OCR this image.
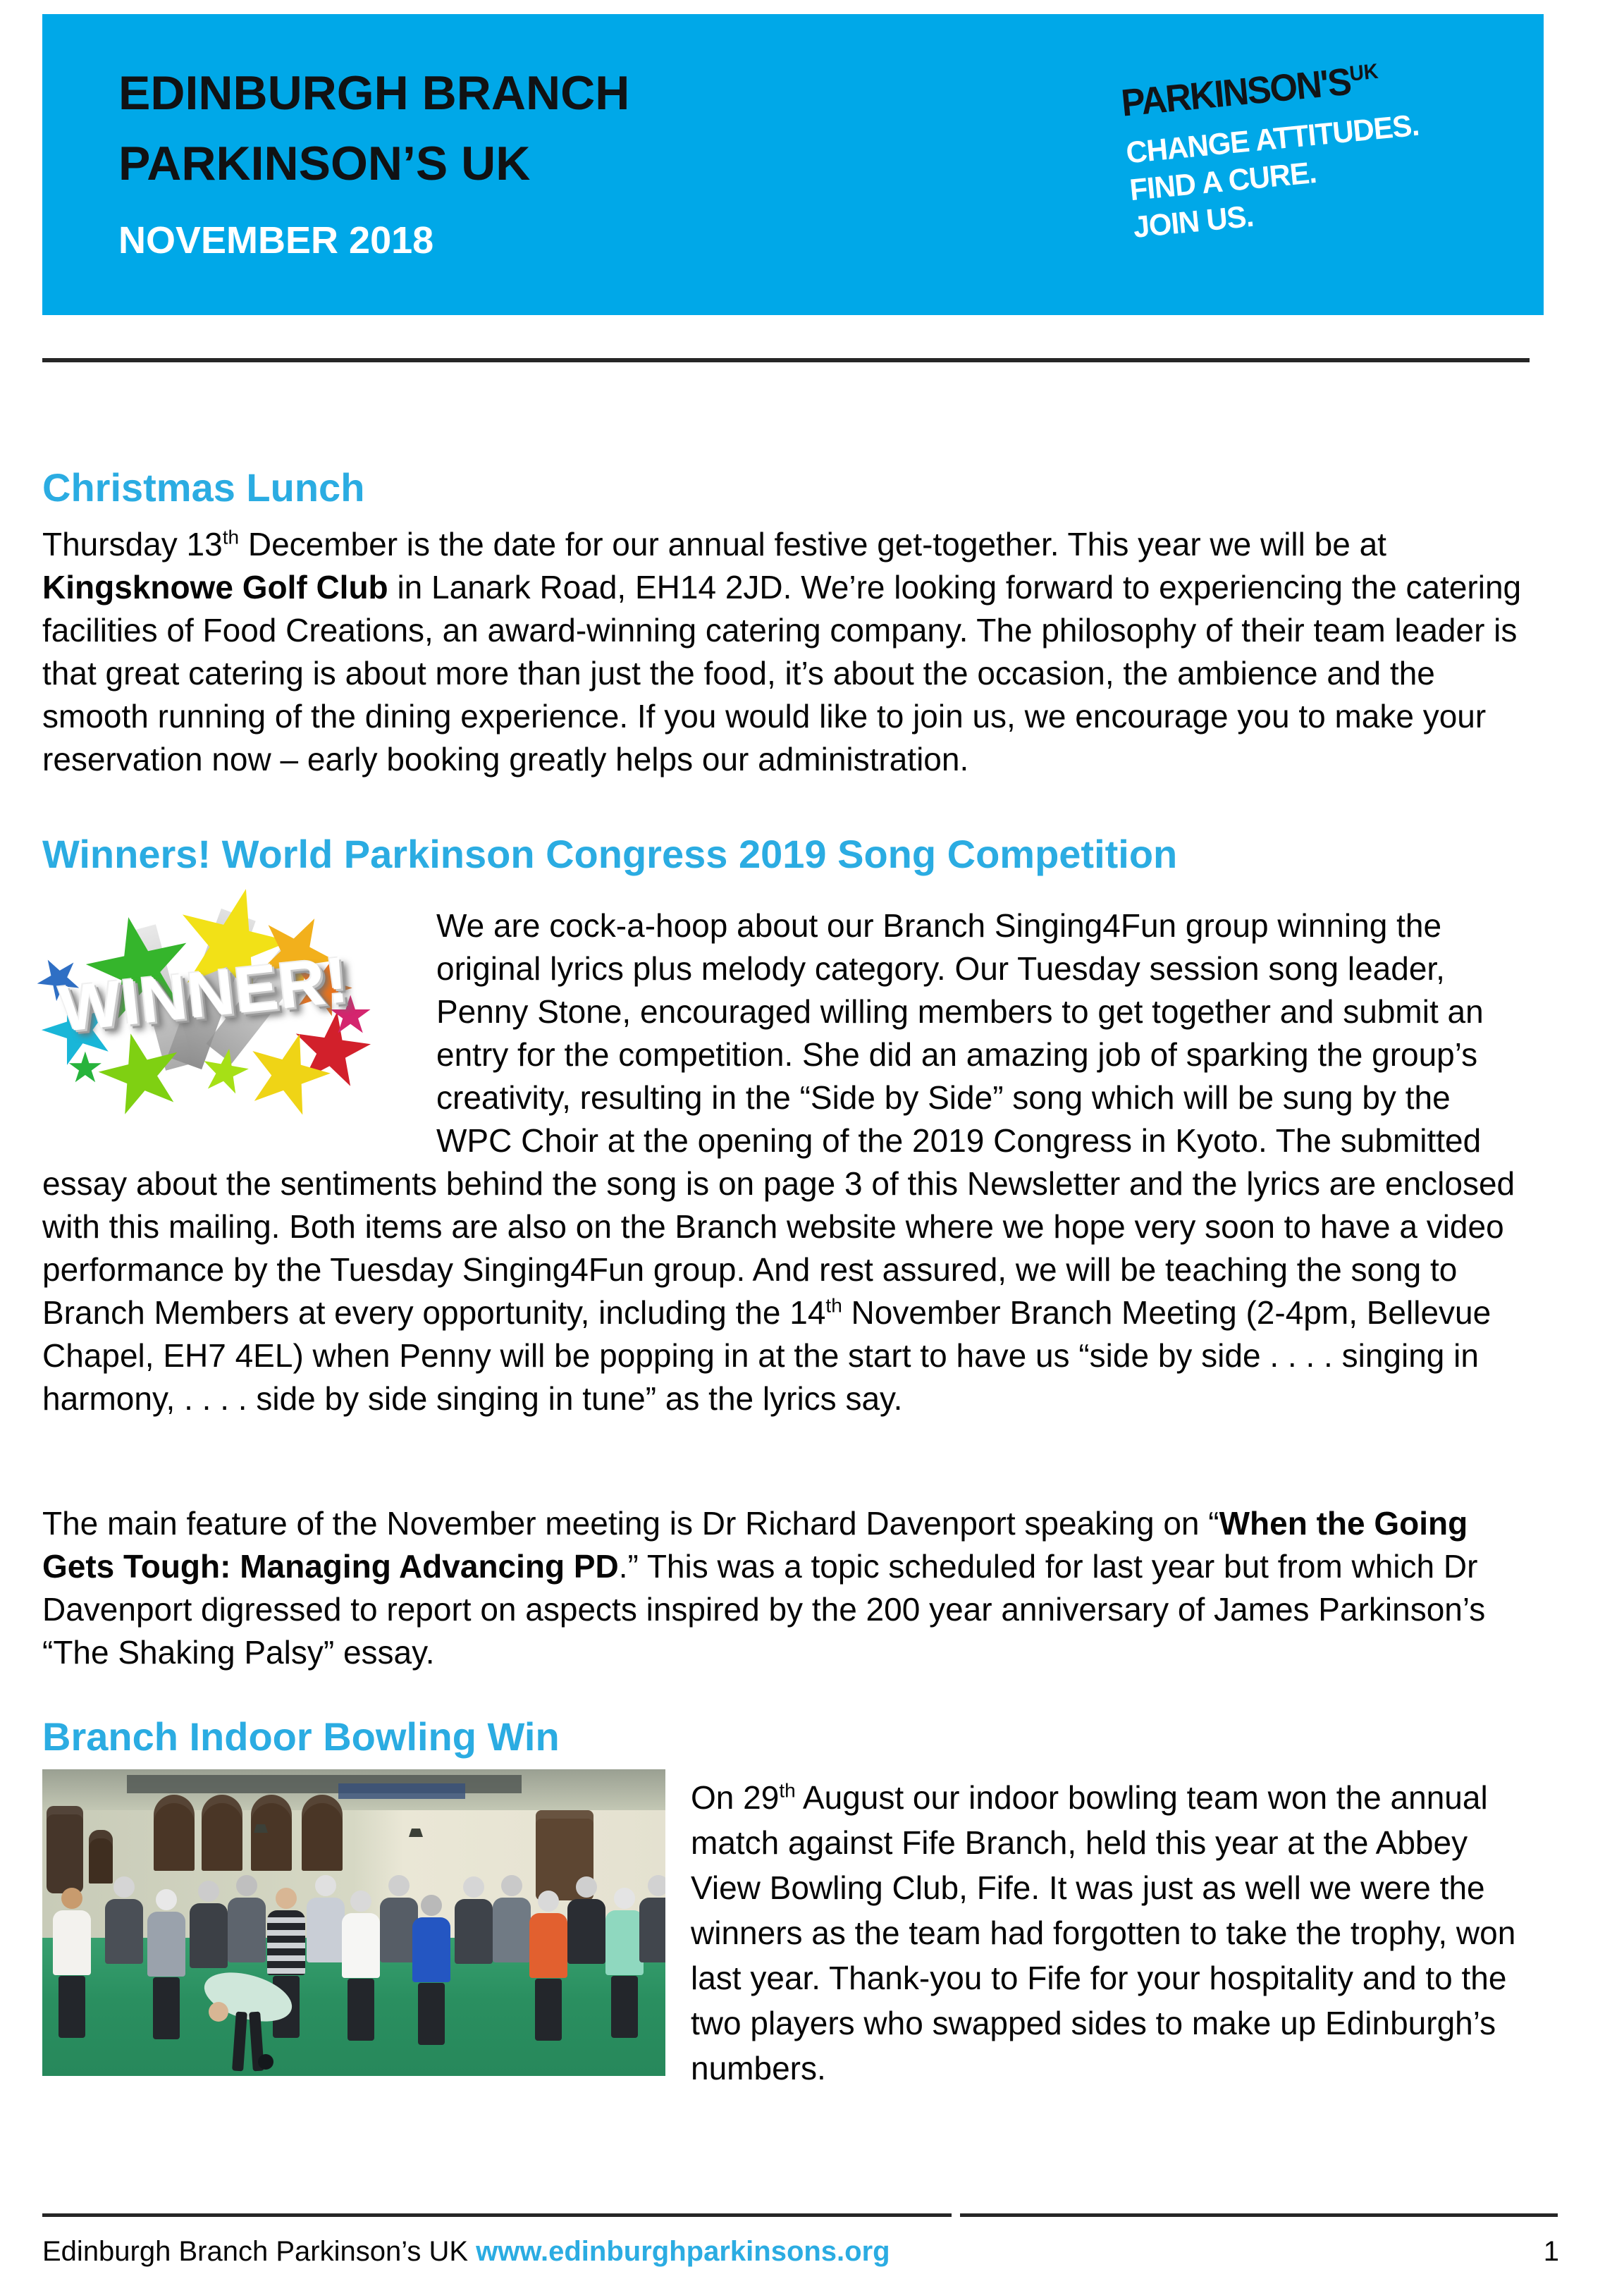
EDINBURGH BRANCH
PARKINSON’S UK
NOVEMBER 2018
$PARKINSON'S^{UK}$
CHANGE ATTITUDES.
FIND A CURE.
JOIN US.
Christmas Lunch

Thursday 13th December is the date for our annual festive get-together. This year we will be at Kingsknowe Golf Club in Lanark Road, EH14 2JD. We’re looking forward to experiencing the catering facilities of Food Creations, an award-winning catering company. The philosophy of their team leader is that great catering is about more than just the food, it’s about the occasion, the ambience and the smooth running of the dining experience. If you would like to join us, we encourage you to make your reservation now – early booking greatly helps our administration.

Winners! World Parkinson Congress 2019 Song Competition
★
★
★
★
★
★
★
★
★
★
★
★
WINNER!

We are cock-a-hoop about our Branch Singing4Fun group winning the original lyrics plus melody category. Our Tuesday session song leader, Penny Stone, encouraged willing members to get together and submit an entry for the competition. She did an amazing job of sparking the group’s creativity, resulting in the “Side by Side” song which will be sung by the WPC Choir at the opening of the 2019 Congress in Kyoto. The submitted essay about the sentiments behind the song is on page 3 of this Newsletter and the lyrics are enclosed with this mailing. Both items are also on the Branch website where we hope very soon to have a video performance by the Tuesday Singing4Fun group. And rest assured, we will be teaching the song to Branch Members at every opportunity, including the 14th November Branch Meeting (2-4pm, Bellevue Chapel, EH7 4EL) when Penny will be popping in at the start to have us “side by side . . . . singing in harmony, . . . . side by side singing in tune” as the lyrics say.

The main feature of the November meeting is Dr Richard Davenport speaking on “When the Going Gets Tough: Managing Advancing PD.” This was a topic scheduled for last year but from which Dr Davenport digressed to report on aspects inspired by the 200 year anniversary of James Parkinson’s “The Shaking Palsy” essay.

Branch Indoor Bowling Win

On 29th August our indoor bowling team won the annual match against Fife Branch, held this year at the Abbey View Bowling Club, Fife. It was just as well we were the winners as the team had forgotten to take the trophy, won last year. Thank-you to Fife for your hospitality and to the two players who swapped sides to make up Edinburgh’s numbers.

Edinburgh Branch Parkinson’s UK www.edinburghparkinsons.org	1
